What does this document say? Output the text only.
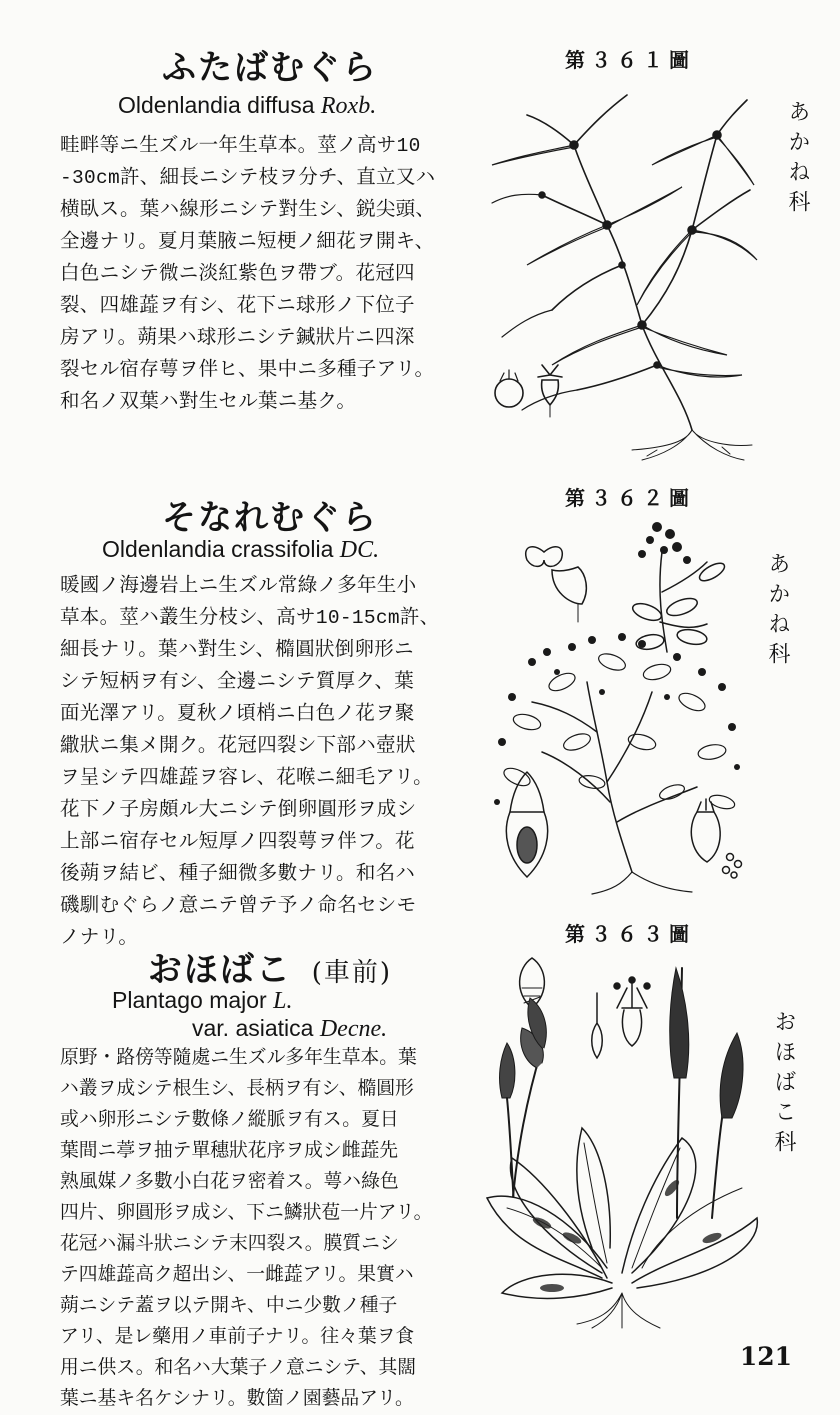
ふたばむぐら
Oldenlandia diffusa Roxb.
畦畔等ニ生ズル一年生草本。莖ノ高サ10
-30cm許、細長ニシテ枝ヲ分チ、直立又ハ
横臥ス。葉ハ線形ニシテ對生シ、鋭尖頭、
全邊ナリ。夏月葉腋ニ短梗ノ細花ヲ開キ、
白色ニシテ微ニ淡紅紫色ヲ帶ブ。花冠四
裂、四雄蕋ヲ有シ、花下ニ球形ノ下位子
房アリ。蒴果ハ球形ニシテ鍼狀片ニ四深
裂セル宿存萼ヲ伴ヒ、果中ニ多種子アリ。
和名ノ双葉ハ對生セル葉ニ基ク。
第３６１圖
あかね科
そなれむぐら
Oldenlandia crassifolia DC.
暖國ノ海邊岩上ニ生ズル常綠ノ多年生小
草本。莖ハ叢生分枝シ、高サ10-15cm許、
細長ナリ。葉ハ對生シ、橢圓狀倒卵形ニ
シテ短柄ヲ有シ、全邊ニシテ質厚ク、葉
面光澤アリ。夏秋ノ頃梢ニ白色ノ花ヲ聚
繖狀ニ集メ開ク。花冠四裂シ下部ハ壺狀
ヲ呈シテ四雄蕋ヲ容レ、花喉ニ細毛アリ。
花下ノ子房頗ル大ニシテ倒卵圓形ヲ成シ
上部ニ宿存セル短厚ノ四裂萼ヲ伴フ。花
後蒴ヲ結ビ、種子細微多數ナリ。和名ハ
磯馴むぐらノ意ニテ曾テ予ノ命名セシモ
ノナリ。
第３６２圖
あかね科
おほばこ (車前)
Plantago major L.
var. asiatica Decne.
原野・路傍等隨處ニ生ズル多年生草本。葉
ハ叢ヲ成シテ根生シ、長柄ヲ有シ、橢圓形
或ハ卵形ニシテ數條ノ縱脈ヲ有ス。夏日
葉間ニ葶ヲ抽テ單穗狀花序ヲ成シ雌蕋先
熟風媒ノ多數小白花ヲ密着ス。萼ハ綠色
四片、卵圓形ヲ成シ、下ニ鱗狀苞一片アリ。
花冠ハ漏斗狀ニシテ末四裂ス。膜質ニシ
テ四雄蕋高ク超出シ、一雌蕋アリ。果實ハ
蒴ニシテ蓋ヲ以テ開キ、中ニ少數ノ種子
アリ、是レ藥用ノ車前子ナリ。往々葉ヲ食
用ニ供ス。和名ハ大葉子ノ意ニシテ、其闊
葉ニ基キ名ケシナリ。數箇ノ園藝品アリ。
第３６３圖
おほばこ科
121
